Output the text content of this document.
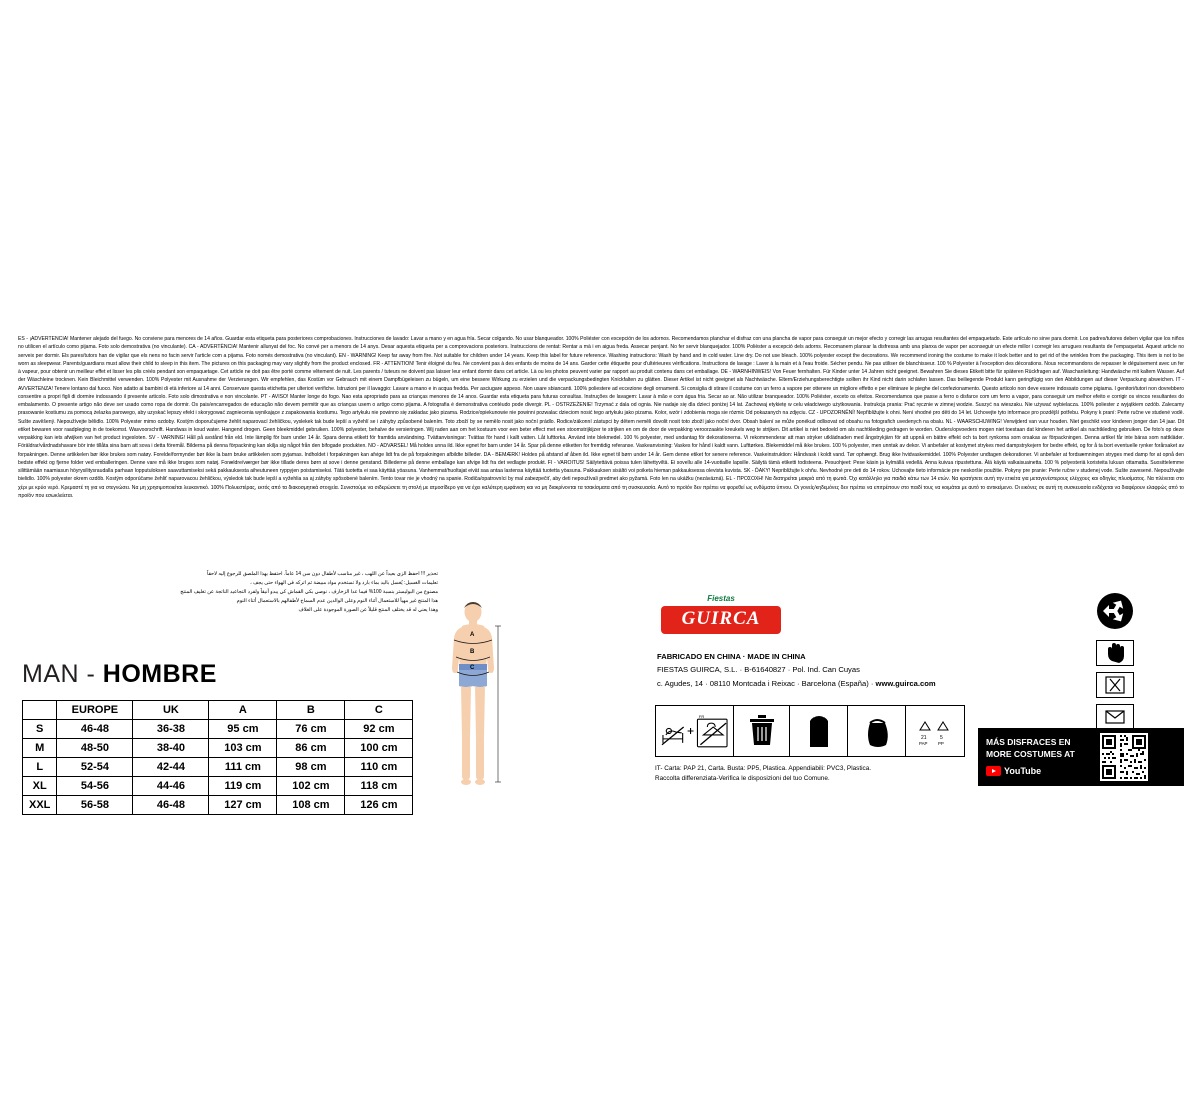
ES - ¡ADVERTENCIA! Mantener alejado del fuego. No conviene para menores de 14 años. Guardar esta etiqueta para posteriores comprobaciones. Instrucciones de lavado: Lavar a mano y en agua fría. Secar colgando. No usar blanqueador. 100% Poliéster con excepción de los adornos. Recomendamos planchar el disfraz con una plancha de vapor para conseguir un mejor efecto y corregir las arrugas resultantes del empaquetado. Este artículo no sirve para dormir. Los padres/tutores deben vigilar que los niños no utilicen el artículo como pijama. Foto solo demostrativa (no vinculante). CA - ADVERTÈNCIA! Mantenir allunyat del foc. No convé per a menors de 14 anys. Desar aquesta etiqueta per a comprovacions posteriors. Instruccions de rentat: Rentar a mà i en aigua freda. Assecar penjant. No fer servir blanquejador. 100% Polièster a excepció dels adorns. Recomanem planxar la disfressa amb una planxa de vapor per aconseguir un efecte millor i corregir les arrugues resultants de l'empaquetat. Aquest article no serveix per dormir. Els pares/tutors han de vigilar que els nens no facin servir l'article com a pijama. Foto només demostrativa (no vinculant). EN - WARNING! Keep far away from fire. Not suitable for children under 14 years. Keep this label for future reference. Washing instructions: Wash by hand and in cold water. Line dry. Do not use bleach. 100% polyester except the decorations. We recommend ironing the costume to make it look better and to get rid of the wrinkles from the packaging. This item is not to be worn as sleepwear. Parents/guardians must allow their child to sleep in this item. The pictures on this packaging may vary slightly from the product enclosed. FR - ATTENTION! Tenir éloigné du feu. Ne convient pas à des enfants de moins de 14 ans. Garder cette étiquette pour d'ultérieures vérifications. Instructions de lavage : Laver à la main et à l'eau froide. Sécher pendu. Ne pas utiliser de blanchisseur. 100 % Polyester à l'exception des décorations. Nous recommandons de repasser le déguisement avec un fer à vapeur, pour obtenir un meilleur effet et lisser les plis créés pendant son empaquetage. Cet article ne doit pas être porté comme vêtement de nuit. Les parents / tuteurs ne doivent pas laisser leur enfant dormir dans cet article. Là ou les photos peuvent varier par rapport au produit contenu dans cet emballage. DE - WARNHINWEIS! Von Feuer fernhalten. Für Kinder unter 14 Jahren nicht geeignet. Bewahren Sie dieses Etikett bitte für späteren Rückfragen auf. Waschanleitung: Handwäsche mit kaltem Wasser. Auf der Wäschleine trocknen. Kein Bleichmittel verwenden. 100% Polyester mit Ausnahme der Verzierungen. Wir empfehlen, das Kostüm vor Gebrauch mit einem Dampfbügeleisen zu bügeln, um eine bessere Wirkung zu erzielen und die verpackungsbedingten Knickfalten zu glätten. Dieser Artikel ist nicht geeignet als Nachtwäsche. Eltern/Erziehungsberechtigte sollten ihr Kind nicht darin schlafen lassen. Das beiliegende Produkt kann geringfügig von den Abbildungen auf dieser Verpackung abweichen. IT - AVVERTENZA! Tenere lontano dal fuoco. Non adatto ai bambini di età inferiore ai 14 anni. Conservare questa etichetta per ulteriori verifiche. Istruzioni per il lavaggio: Lavare a mano e in acqua fredda. Per asciugare appeso. Non usare sbiancanti. 100% poliestere ad eccezione degli ornamenti. Si consiglia di stirare il costume con un ferro a vapore per ottenere un migliore effetto e per eliminare le pieghe del confezionamento. Questo articolo non deve essere indossato come pigiama. I genitori/tutori non dovrebbero consentire a propri figli di dormire indossando il presente articolo. Foto solo dimostrativa e non vincolante. PT - AVISO! Manter longe do fogo. Nao esta apropriado para as crianças menores de 14 anos. Guardar esta etiqueta para futuras consultas. Instruções de lavagem: Lavar à mão e com água fria. Secar ao ar. Não utilizar branqueador. 100% Poliéster, exceto os efeitos. Recomendamos que passe a ferro o disfarce com um ferro a vapor, para conseguir um melhor efeito e corrigir os vincos resultantes do embalamento. O presente artigo não deve ser usado como ropa de dormir. Os pais/encarregados de educação não devem permitir que as crianças usem o artigo como pijama. A fotografia é demonstrativa contéudo pode divergir. PL - OSTRZEŻENIE! Trzymać z dala od ognia. Nie nadaje się dla dzieci poniżej 14 lat. Zachowaj etykietę w celu władciwego użytkowania. Instrukcja prania: Prać ręcznie w zimnej wodzie. Suszyć na wieszaku. Nie używać wybielacza. 100% poliester z wyjątkiem ozdób. Zalecamy prasowanie kostiumu za pomocą żelazka parowego, aby uzyskać lepszy efekt i skorygować zagniecenia wynikające z zapakowania kostiumu. Tego artykułu nie powinno się zakładac jako pizama. Rodzice/opiekunowie nie powinni pozwalac dzieciom nosić tego artykułu jako pizama. Kolor, wzór i zdobienia moga sie rózmic Od pokazanych na zdjęciu. CZ - UPOZORNĚNÍ! Nepřibližujte k ohni. Není vhodné pro děti do 14 let. Uchovejte tyto informace pro pozdější potřebu. Pokyny k praní: Perte ručne ve studené vodě. Sušte zavěšený. Nepoužívejte bělidlo. 100% Polyester mimo ozdoby. Kostým doporučujeme žehlit naparovací žehličkou, vyslekek tak bude lepší a vyžehlí se i záhyby způsobené balením. Toto zboží by se nemělo nosit jako noční prádlo. Rodice/zákonní zástupci by dětem neměli dovolit nosit toto zboží jako noční dvor. Obsah balení se může ponékud odlisovat od obsahu na fotografich uvedenych na obalu. NL - WAARSCHUWING! Verwijderd van vuur houden. Niet geschikt voor kinderen jonger dan 14 jaar. Dit etiket bewaren voor raadpleging in de toekomst. Wasvoorschrift. Handwas in koud water. Hangend drogen. Geen bleekmiddel gebruiken. 100% polyester, behalve de versieringen. Wij raden aan om het kostuum voor een beter effect met een stoomstrijkijzer te strijken en om de door de verpakking veroorzaakte kreukels weg te strijken. Dit artikel is niet bedoeld om als nachtkleding gedragen te worden. Ouders/opvoeders mogen niet toestaan dat kinderen het artikel als nachtkleding gebruiken. De foto's op deze verpakking kan iets afwijken van het product ingesloten. SV - VARNING! Håll på avstånd från eld. Inte lämplig för barn under 14 år. Spara denna etikett för framtida användning. Tvättanvisningar: Tvättas för hand i kallt vatten. Låt lufttorka. Använd inte blekmedel. 100 % polyester, med undantag för dekorationerna. Vi rekommenderar att man stryker utklädnaden med ångstrykjärn för att uppnå en bättre effekt och ta bort rynkorna som orsakas av förpackningen. Denna artikel får inte bäras som nattkläder. Föräldrar/vårdnadshavare bör inte tillåta sina barn att sova i detta föremål. Bilderna på denna förpackning kan skilja sig något från den bifogade produkten. NO - ADVARSEL! Må holdes unna ild. Ikke egnet for barn under 14 år. Spar på denne etiketten for fremtidig referanse. Vaskeanvisning: Vaskes for hånd i kaldt vann. Lufttørkes. Blekemiddel må ikke brukes. 100 % polyester, men unntak av dekor. Vi anbefaler at kostymet strykes med dampstrykejern for bedre effekt, og for å ta bort eventuelle rynker forårsaket av forpakningen. Denne artikkelen bør ikke brukes som natøy. Forelde/formynder bør ikke la barn bruke artikkelen som pyjamas. Indholdet i forpakningen kan afvige lidt fra de på forpakningen afbildte billeder. DA - BEMÆRK! Holdes på afstand af åben ild. Ikke egnet til børn under 14 år. Gem denne etiket for senere reference. Vaskeinstruktion: Håndvask i koldt vand. Tør ophængt. Brug ikke hvidvaskemiddel. 100% Polyester undtagen dekorationer. Vi anbefaler at fordsæmningen stryges med damp for at opnå den bedste effekt og fjerne folder ved emballeringen. Denne vare må ikke bruges som natøj. Forældre/værger bør ikke tillade deres børn at sove i denne genstand. Billederne på denne emballage kan afvige lidt fra det vedlagte produkt. FI - VAROITUS! Säilytettävä poissa tulen lähettyviltä. Ei sovellu alle 14-vuotiaille lapsille. Säilytä tämä etiketti todisteena. Pesuohjeet: Pese käsin ja kylmällä vedellä. Anna kuivua ripustettuna. Älä käytä valkaisuainetta. 100 % polyesteriä koristeita lukuun ottamatta. Suosittelemme silittämään naamiasun höyrysilitysraudalla parhaan lopputuloksen saavuttamiseksi sekä pakkauksesta aiheutuneen ryppyjen poistamiseksi. Tätä tuotetta ei saa käyttää yöasuna. Vanhemmat/huoltajat eivät saa antaa lastensa käyttää tuotetta yöasuna. Pakkauksen sisältö voi poiketa hieman pakkauksessa olevista kuvista. SK - ĎAKY! Nepribližujte k ohňu. Nevhodné pre deti do 14 rokov. Uchovajte tieto informácie pre neskoršie použitie. Pokyny pre pranie: Perte ručne v studenej vode. Sušte zavesené. Nepoužívajte bielidlo. 100% polyester okrem ozdôb. Kostým odporúčame žehliť naparovacou žehličkou, výsledok tak bude lepší a vyžehlia sa aj záhyby spôsobené balením. Tento tovar nie je vhodný na spanie. Rodiča/opatrovníci by mal zabezpečiť, aby deti nepoužívali predmet ako pyžamá. Foto len na ukážku (nezáväzná). EL - ΠΡΟΣΟΧΗ! Να διατηρείται μακριά από τη φωτιά. Όχι κατάλληλο για παιδιά κάτω των 14 ετών. Να κρατήσετε αυτή την ετικέτα για μεταγενέστερους ελέγχους και οδηγίες πλυσίματος. Να πλένεται στο χέρι με κρύο νερό. Κρεμαστέ τη για να στεγνώσει. Να μη χρησιμοποιείται λευκαντικό. 100% Πολυεστέρας, εκτός από τα διακοσμητικά στοιχεία. Συνιστούμε να σιδερώσετε τη στολή με ατμοσίδερο για να έχει καλύτερη εμφάνιση και να μη διακρίνονται τα τσακίσματα από τη συσκευασία. Αυτό το προϊόν δεν πρέπει να φορεθεί ως ενδύματα ύπνου. Οι γονείς/κηδεμόνες δεν πρέπει να επιτρέπουν στο παιδί τους να κοιμάται με αυτό το αντικείμενο. Οι εικόνες σε αυτή τη συσκευασία ενδέχεται να διαφέρουν ελαφρώς από το προϊόν που εσωκλείεται.
تحذير !!! احفظ الزي بعيداً عن اللهب ، غير مناسب لأطفال دون سن 14 عاماً. احتفظ بهذا الملصق للرجوع إليه لاحقاً
تعليمات الغسيل: يُغسل باليد بماء بارد ولا تستخدم مواد مبيضة ثم اتركه في الهواء حتى يجف ،
مصنوع من البوليستر بنسبة 100% فيما عدا الزخارف ، نوصي بكي القماش كي يبدو أنيقاً ولفرد التجاعيد الناتجة عن تغليف المنتج
هذا المنتج غير مهيأ للاستعمال أثناء النوم وعلى الوالدين عدم السماح لأطفالهم بالاستعمال أثناء النوم
وهذا يعني له قد يختلف المنتج قليلاً عن الصورة الموجودة على الغلاف
MAN - HOMBRE
	EUROPE	UK	A	B	C
S	46-48	36-38	95 cm	76 cm	92 cm
M	48-50	38-40	103 cm	86 cm	100 cm
L	52-54	42-44	111 cm	98 cm	110 cm
XL	54-56	44-46	119 cm	102 cm	118 cm
XXL	56-58	46-48	127 cm	108 cm	126 cm
A
B
C
Fiestas
GUIRCA
FABRICADO EN CHINA · MADE IN CHINA
FIESTAS GUIRCA, S.L. · B-61640827 · Pol. Ind. Can Cuyas
c. Agudes, 14 · 08110 Montcada i Reixac · Barcelona (España) · www.guirca.com
FR
21
PAP
5
PP
IT- Carta: PAP 21, Carta. Busta: PP5, Plastica. Appendiabili: PVC3, Plastica.
Raccolta differenziata-Verifica le disposizioni del tuo Comune.
MÁS DISFRACES EN
MORE COSTUMES AT
YouTube
